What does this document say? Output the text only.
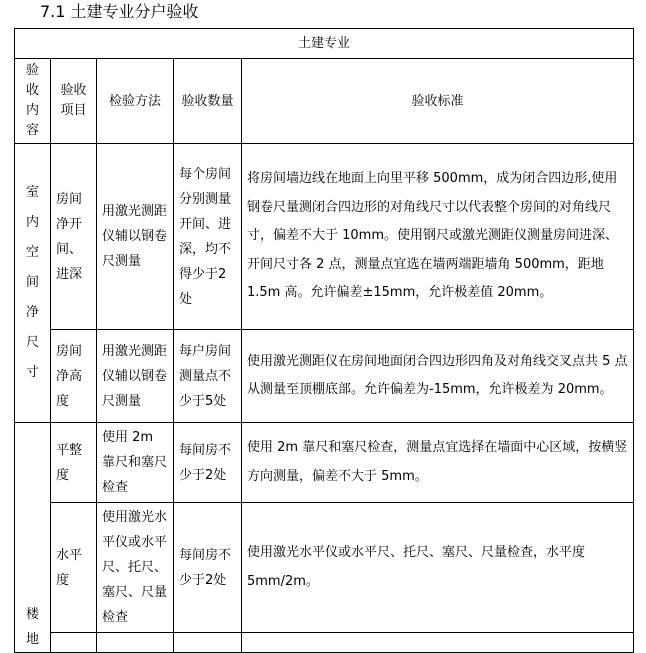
7.1 土建专业分户验收
土建专业				
验收内容	验收项目	检验方法	验收数量	验收标准
室内空间净尺寸	房间净开间、进深	用激光测距仪辅以钢卷尺测量	每个房间分别测量开间、进深，均不得少于2处	将房间墙边线在地面上向里平移 500mm，成为闭合四边形,使用钢卷尺量测闭合四边形的对角线尺寸以代表整个房间的对角线尺寸，偏差不大于 10mm。使用钢尺或激光测距仪测量房间进深、开间尺寸各 2 点，测量点宜选在墙两端距墙角 500mm，距地 1.5m 高。允许偏差±15mm，允许极差值 20mm。
	房间净高度	用激光测距仪辅以钢卷尺测量	每户房间测量点不少于5处	使用激光测距仪在房间地面闭合四边形四角及对角线交叉点共 5 点从测量至顶棚底部。允许偏差为-15mm，允许极差为 20mm。
楼地	平整度	使用 2m 靠尺和塞尺检查	每间房不少于2处	使用 2m 靠尺和塞尺检查，测量点宜选择在墙面中心区域，按横竖方向测量，偏差不大于 5mm。
	水平度	使用激光水平仪或水平尺、托尺、塞尺、尺量检查	每间房不少于2处	使用激光水平仪或水平尺、托尺、塞尺、尺量检查，水平度 5mm/2m。
